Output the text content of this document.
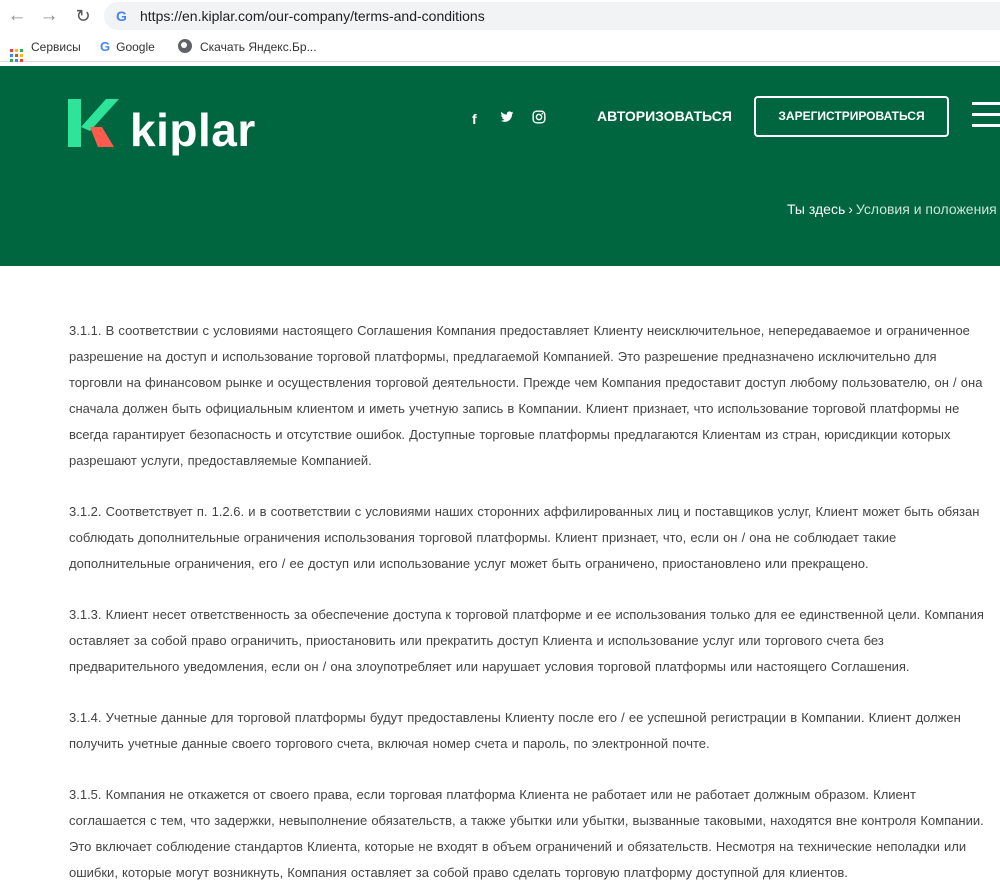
← → ↻ G https://en.kiplar.com/our-company/terms-and-conditions
Сервисы G Google	Скачать Яндекс.Бр...
kiplar	f	АВТОРИЗОВАТЬСЯ	ЗАРЕГИСТРИРОВАТЬСЯ
Ты здесь › Условия и положения

3.1.1. В соответствии с условиями настоящего Соглашения Компания предоставляет Клиенту неисключительное, непередаваемое и ограниченное разрешение на доступ и использование торговой платформы, предлагаемой Компанией. Это разрешение предназначено исключительно для торговли на финансовом рынке и осуществления торговой деятельности. Прежде чем Компания предоставит доступ любому пользователю, он / она сначала должен быть официальным клиентом и иметь учетную запись в Компании. Клиент признает, что использование торговой платформы не всегда гарантирует безопасность и отсутствие ошибок. Доступные торговые платформы предлагаются Клиентам из стран, юрисдикции которых разрешают услуги, предоставляемые Компанией.

3.1.2. Соответствует п. 1.2.6. и в соответствии с условиями наших сторонних аффилированных лиц и поставщиков услуг, Клиент может быть обязан соблюдать дополнительные ограничения использования торговой платформы. Клиент признает, что, если он / она не соблюдает такие дополнительные ограничения, его / ее доступ или использование услуг может быть ограничено, приостановлено или прекращено.

3.1.3. Клиент несет ответственность за обеспечение доступа к торговой платформе и ее использования только для ее единственной цели. Компания оставляет за собой право ограничить, приостановить или прекратить доступ Клиента и использование услуг или торгового счета без предварительного уведомления, если он / она злоупотребляет или нарушает условия торговой платформы или настоящего Соглашения.

3.1.4. Учетные данные для торговой платформы будут предоставлены Клиенту после его / ее успешной регистрации в Компании. Клиент должен получить учетные данные своего торгового счета, включая номер счета и пароль, по электронной почте.

3.1.5. Компания не откажется от своего права, если торговая платформа Клиента не работает или не работает должным образом. Клиент соглашается с тем, что задержки, невыполнение обязательств, а также убытки или убытки, вызванные таковыми, находятся вне контроля Компании. Это включает соблюдение стандартов Клиента, которые не входят в объем ограничений и обязательств. Несмотря на технические неполадки или ошибки, которые могут возникнуть, Компания оставляет за собой право сделать торговую платформу доступной для клиентов.
